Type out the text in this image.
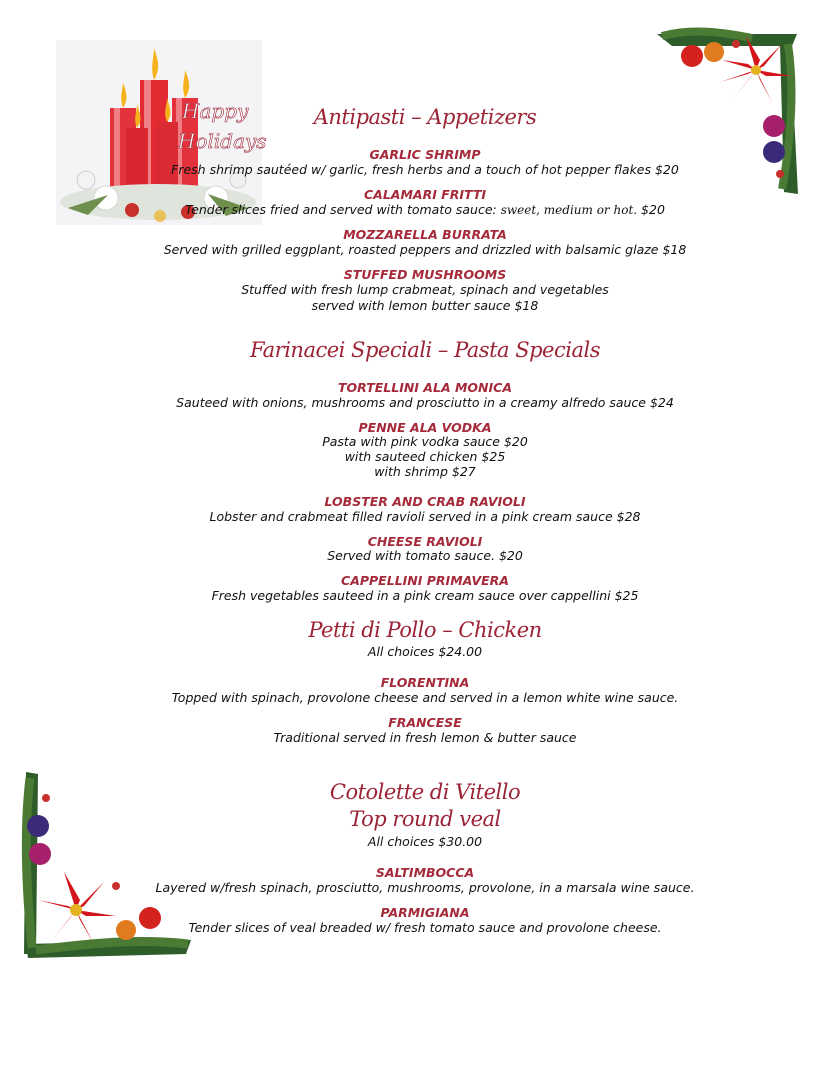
Happy
Holidays
Antipasti – Appetizers
GARLIC SHRIMP
Fresh shrimp sautéed w/ garlic, fresh herbs and a touch of hot pepper flakes $20
CALAMARI FRITTI
Tender slices fried and served with tomato sauce: sweet, medium or hot. $20
MOZZARELLA BURRATA
Served with grilled eggplant, roasted peppers and drizzled with balsamic glaze $18
STUFFED MUSHROOMS
Stuffed with fresh lump crabmeat, spinach and vegetables
served with lemon butter sauce $18
Farinacei Speciali – Pasta Specials
TORTELLINI ALA MONICA
Sauteed with onions, mushrooms and prosciutto in a creamy alfredo sauce $24
PENNE ALA VODKA
Pasta with pink vodka sauce $20
with sauteed chicken $25
with shrimp $27
LOBSTER AND CRAB RAVIOLI
Lobster and crabmeat filled ravioli served in a pink cream sauce $28
CHEESE RAVIOLI
Served with tomato sauce. $20
CAPPELLINI PRIMAVERA
Fresh vegetables sauteed in a pink cream sauce over cappellini $25
Petti di Pollo – Chicken
All choices $24.00
FLORENTINA
Topped with spinach, provolone cheese and served in a lemon white wine sauce.
FRANCESE
Traditional served in fresh lemon & butter sauce
Cotolette di Vitello
Top round veal
All choices $30.00
SALTIMBOCCA
Layered w/fresh spinach, prosciutto, mushrooms, provolone, in a marsala wine sauce.
PARMIGIANA
Tender slices of veal breaded w/ fresh tomato sauce and provolone cheese.
